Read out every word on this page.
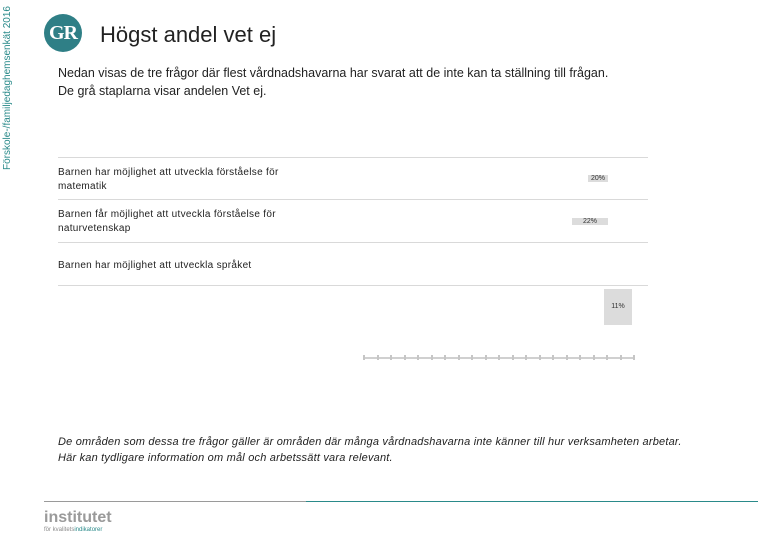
Förskole-/familjedaghemsenkät 2016	GR Högst andel vet ej
Nedan visas de tre frågor där flest vårdnadshavarna har svarat att de inte kan ta ställning till frågan.
De grå staplarna visar andelen Vet ej.
Barnen har möjlighet att utveckla förståelse för
matematik
20%
Barnen får möjlighet att utveckla förståelse för
naturvetenskap
22%
Barnen har möjlighet att utveckla språket
11%
De områden som dessa tre frågor gäller är områden där många vårdnadshavarna inte känner till hur verksamheten arbetar.
Här kan tydligare information om mål och arbetssätt vara relevant.
institutet
för kvalitetsindikatorer
